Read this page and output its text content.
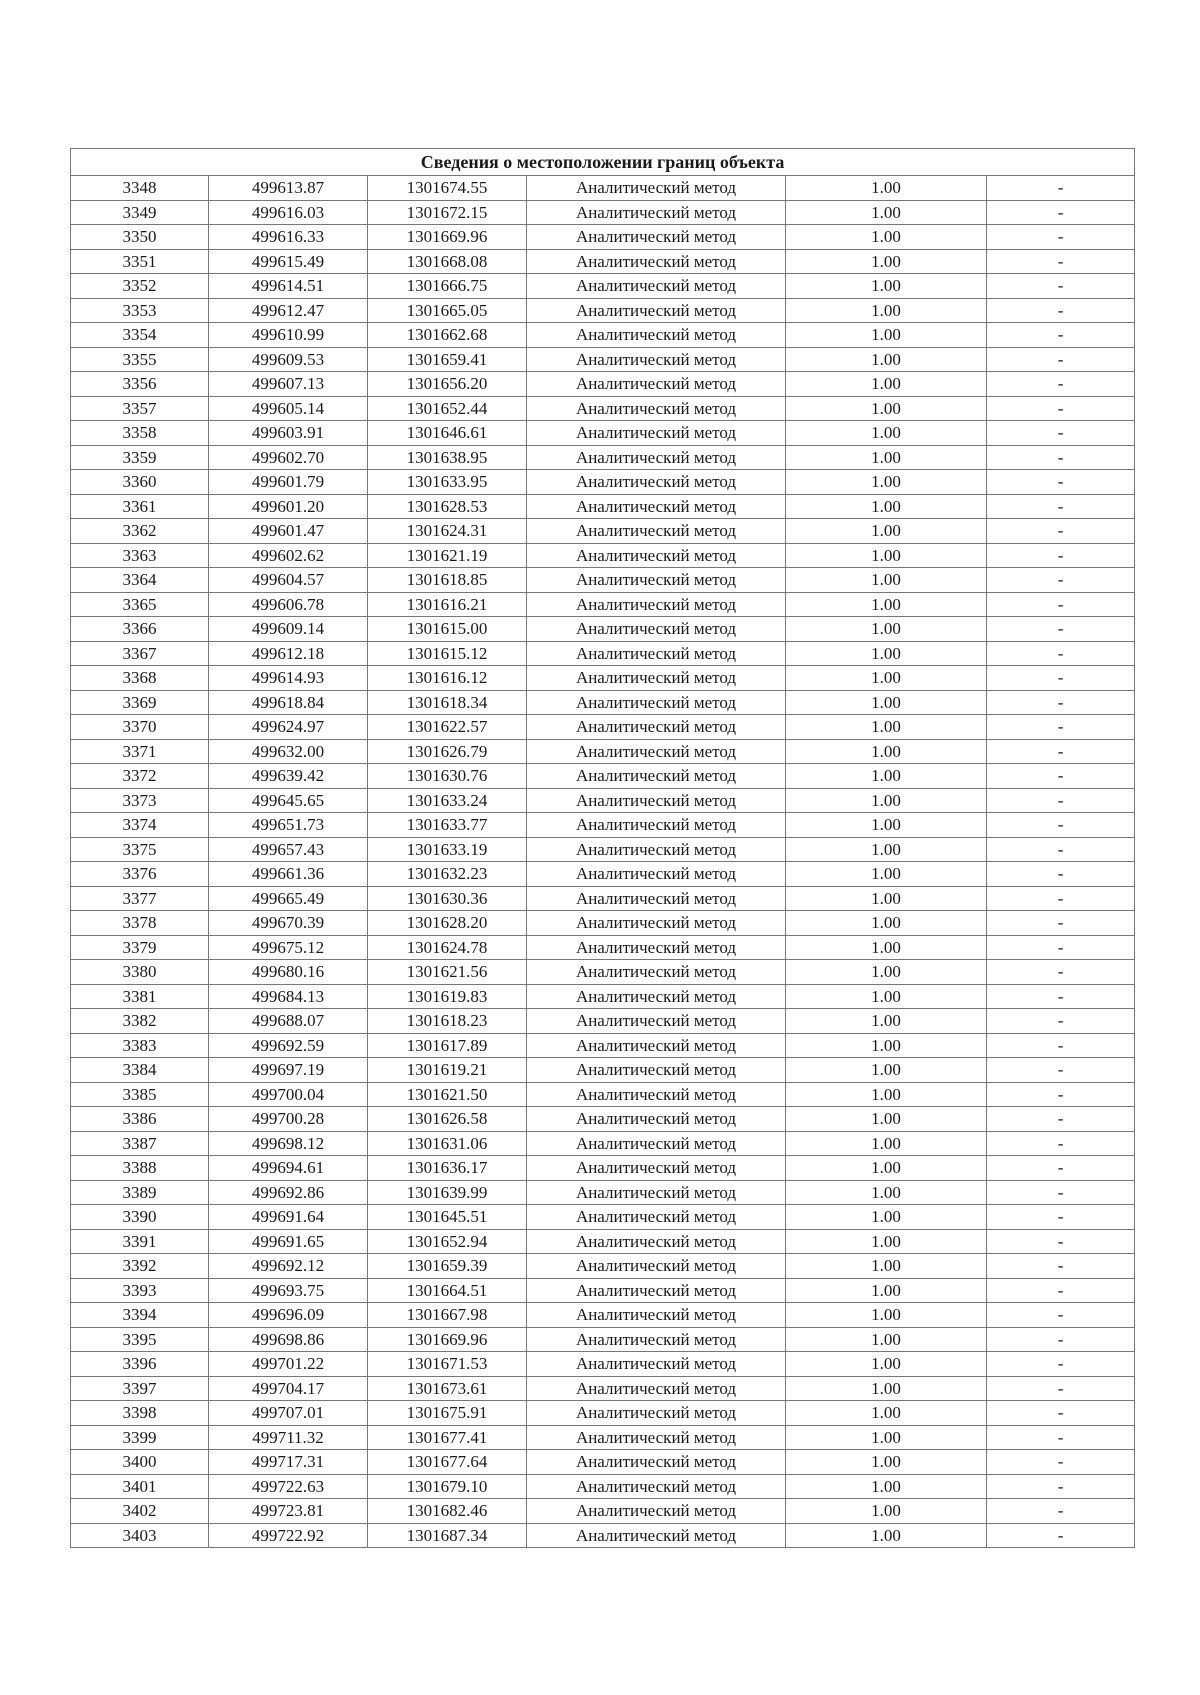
Сведения о местоположении границ объекта					
3348	499613.87	1301674.55	Аналитический метод	1.00	-
3349	499616.03	1301672.15	Аналитический метод	1.00	-
3350	499616.33	1301669.96	Аналитический метод	1.00	-
3351	499615.49	1301668.08	Аналитический метод	1.00	-
3352	499614.51	1301666.75	Аналитический метод	1.00	-
3353	499612.47	1301665.05	Аналитический метод	1.00	-
3354	499610.99	1301662.68	Аналитический метод	1.00	-
3355	499609.53	1301659.41	Аналитический метод	1.00	-
3356	499607.13	1301656.20	Аналитический метод	1.00	-
3357	499605.14	1301652.44	Аналитический метод	1.00	-
3358	499603.91	1301646.61	Аналитический метод	1.00	-
3359	499602.70	1301638.95	Аналитический метод	1.00	-
3360	499601.79	1301633.95	Аналитический метод	1.00	-
3361	499601.20	1301628.53	Аналитический метод	1.00	-
3362	499601.47	1301624.31	Аналитический метод	1.00	-
3363	499602.62	1301621.19	Аналитический метод	1.00	-
3364	499604.57	1301618.85	Аналитический метод	1.00	-
3365	499606.78	1301616.21	Аналитический метод	1.00	-
3366	499609.14	1301615.00	Аналитический метод	1.00	-
3367	499612.18	1301615.12	Аналитический метод	1.00	-
3368	499614.93	1301616.12	Аналитический метод	1.00	-
3369	499618.84	1301618.34	Аналитический метод	1.00	-
3370	499624.97	1301622.57	Аналитический метод	1.00	-
3371	499632.00	1301626.79	Аналитический метод	1.00	-
3372	499639.42	1301630.76	Аналитический метод	1.00	-
3373	499645.65	1301633.24	Аналитический метод	1.00	-
3374	499651.73	1301633.77	Аналитический метод	1.00	-
3375	499657.43	1301633.19	Аналитический метод	1.00	-
3376	499661.36	1301632.23	Аналитический метод	1.00	-
3377	499665.49	1301630.36	Аналитический метод	1.00	-
3378	499670.39	1301628.20	Аналитический метод	1.00	-
3379	499675.12	1301624.78	Аналитический метод	1.00	-
3380	499680.16	1301621.56	Аналитический метод	1.00	-
3381	499684.13	1301619.83	Аналитический метод	1.00	-
3382	499688.07	1301618.23	Аналитический метод	1.00	-
3383	499692.59	1301617.89	Аналитический метод	1.00	-
3384	499697.19	1301619.21	Аналитический метод	1.00	-
3385	499700.04	1301621.50	Аналитический метод	1.00	-
3386	499700.28	1301626.58	Аналитический метод	1.00	-
3387	499698.12	1301631.06	Аналитический метод	1.00	-
3388	499694.61	1301636.17	Аналитический метод	1.00	-
3389	499692.86	1301639.99	Аналитический метод	1.00	-
3390	499691.64	1301645.51	Аналитический метод	1.00	-
3391	499691.65	1301652.94	Аналитический метод	1.00	-
3392	499692.12	1301659.39	Аналитический метод	1.00	-
3393	499693.75	1301664.51	Аналитический метод	1.00	-
3394	499696.09	1301667.98	Аналитический метод	1.00	-
3395	499698.86	1301669.96	Аналитический метод	1.00	-
3396	499701.22	1301671.53	Аналитический метод	1.00	-
3397	499704.17	1301673.61	Аналитический метод	1.00	-
3398	499707.01	1301675.91	Аналитический метод	1.00	-
3399	499711.32	1301677.41	Аналитический метод	1.00	-
3400	499717.31	1301677.64	Аналитический метод	1.00	-
3401	499722.63	1301679.10	Аналитический метод	1.00	-
3402	499723.81	1301682.46	Аналитический метод	1.00	-
3403	499722.92	1301687.34	Аналитический метод	1.00	-
